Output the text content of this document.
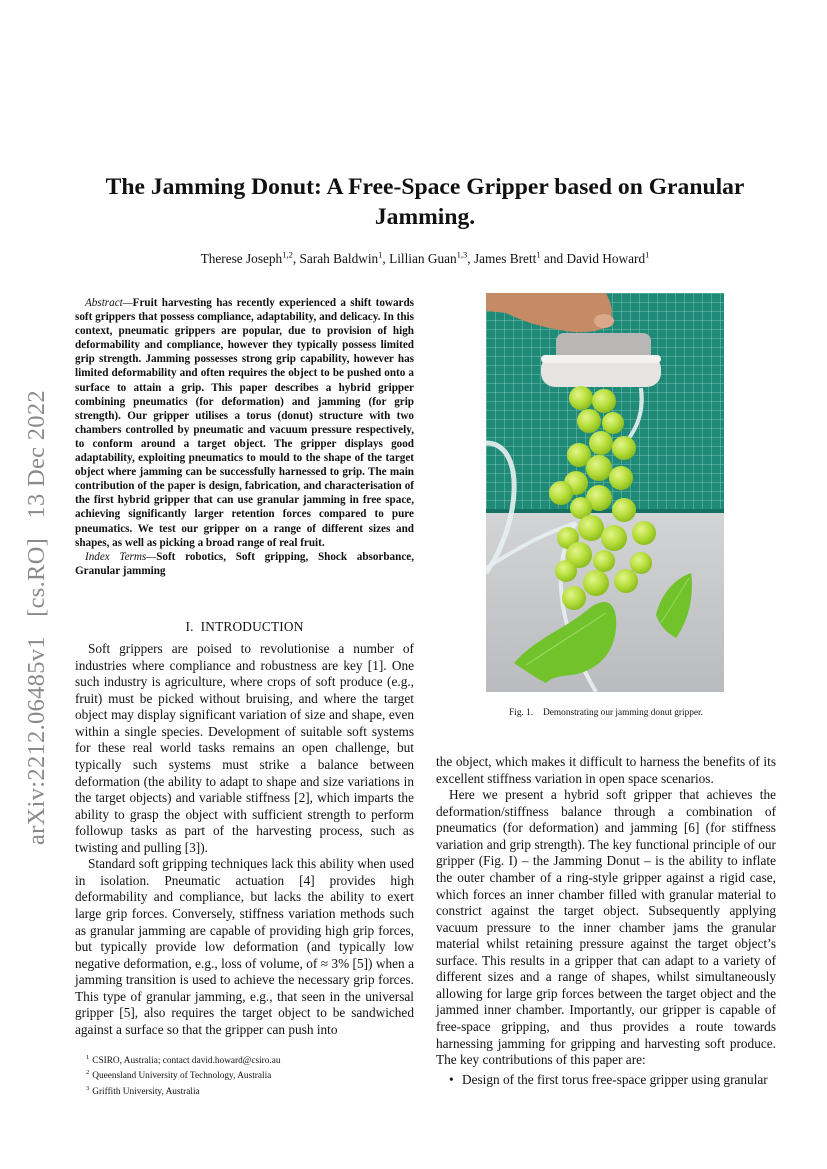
arXiv:2212.06485v1   [cs.RO]   13 Dec 2022
The Jamming Donut: A Free-Space Gripper based on Granular Jamming.
Therese Joseph$^{1,2}$, Sarah Baldwin$^1$, Lillian Guan$^{1,3}$, James Brett$^1$ and David Howard$^1$

Abstract—Fruit harvesting has recently experienced a shift towards soft grippers that possess compliance, adaptability, and delicacy. In this context, pneumatic grippers are popular, due to provision of high deformability and compliance, however they typically possess limited grip strength. Jamming possesses strong grip capability, however has limited deformability and often requires the object to be pushed onto a surface to attain a grip. This paper describes a hybrid gripper combining pneumatics (for deformation) and jamming (for grip strength). Our gripper utilises a torus (donut) structure with two chambers controlled by pneumatic and vacuum pressure respectively, to conform around a target object. The gripper displays good adaptability, exploiting pneumatics to mould to the shape of the target object where jamming can be successfully harnessed to grip. The main contribution of the paper is design, fabrication, and characterisation of the first hybrid gripper that can use granular jamming in free space, achieving significantly larger retention forces compared to pure pneumatics. We test our gripper on a range of different sizes and shapes, as well as picking a broad range of real fruit.

Index Terms—Soft robotics, Soft gripping, Shock absorbance, Granular jamming

I. INTRODUCTION

Soft grippers are poised to revolutionise a number of industries where compliance and robustness are key [1]. One such industry is agriculture, where crops of soft produce (e.g., fruit) must be picked without bruising, and where the target object may display significant variation of size and shape, even within a single species. Development of suitable soft systems for these real world tasks remains an open challenge, but typically such systems must strike a balance between deformation (the ability to adapt to shape and size variations in the target objects) and variable stiffness [2], which imparts the ability to grasp the object with sufficient strength to perform followup tasks as part of the harvesting process, such as twisting and pulling [3]).

Standard soft gripping techniques lack this ability when used in isolation. Pneumatic actuation [4] provides high deformability and compliance, but lacks the ability to exert large grip forces. Conversely, stiffness variation methods such as granular jamming are capable of providing high grip forces, but typically provide low deformation (and typically low negative deformation, e.g., loss of volume, of ≈ 3% [5]) when a jamming transition is used to achieve the necessary grip forces. This type of granular jamming, e.g., that seen in the universal gripper [5], also requires the target object to be sandwiched against a surface so that the gripper can push into

$^1$ CSIRO, Australia; contact david.howard@csiro.au
$^2$ Queensland University of Technology, Australia
$^3$ Griffith University, Australia
Fig. 1. Demonstrating our jamming donut gripper.

the object, which makes it difficult to harness the benefits of its excellent stiffness variation in open space scenarios.

Here we present a hybrid soft gripper that achieves the deformation/stiffness balance through a combination of pneumatics (for deformation) and jamming [6] (for stiffness variation and grip strength). The key functional principle of our gripper (Fig. I) – the Jamming Donut – is the ability to inflate the outer chamber of a ring-style gripper against a rigid case, which forces an inner chamber filled with granular material to constrict against the target object. Subsequently applying vacuum pressure to the inner chamber jams the granular material whilst retaining pressure against the target object’s surface. This results in a gripper that can adapt to a variety of different sizes and a range of shapes, whilst simultaneously allowing for large grip forces between the target object and the jammed inner chamber. Importantly, our gripper is capable of free-space gripping, and thus provides a route towards harnessing jamming for gripping and harvesting soft produce. The key contributions of this paper are:

• Design of the first torus free-space gripper using granular
